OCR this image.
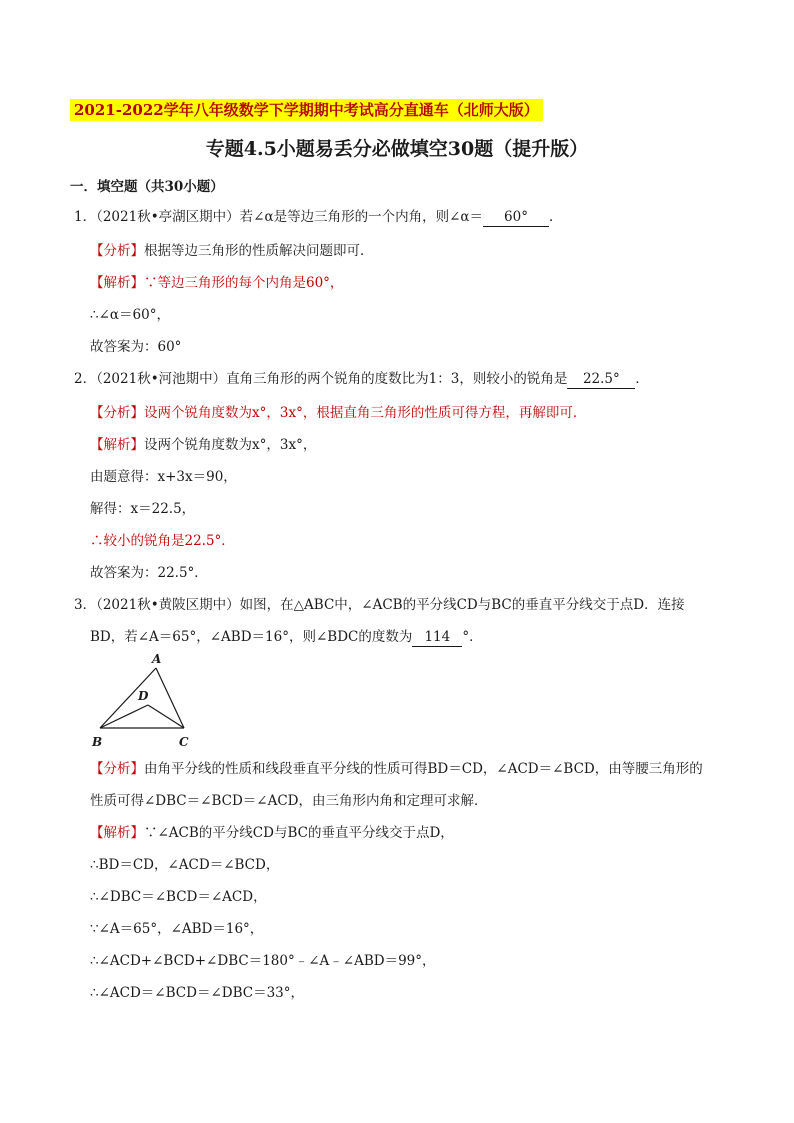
2021-2022学年八年级数学下学期期中考试高分直通车（北师大版）
专题4.5小题易丢分必做填空30题（提升版）
一．填空题（共30小题）
1．（2021秋•亭湖区期中）若∠α是等边三角形的一个内角，则∠α＝ 60° ．
【分析】根据等边三角形的性质解决问题即可．
【解析】∵等边三角形的每个内角是60°，
∴∠α＝60°，
故答案为：60°
2．（2021秋•河池期中）直角三角形的两个锐角的度数比为1：3，则较小的锐角是 22.5° ．
【分析】设两个锐角度数为x°，3x°，根据直角三角形的性质可得方程，再解即可．
【解析】设两个锐角度数为x°，3x°，
由题意得：x+3x＝90，
解得：x＝22.5，
∴较小的锐角是22.5°．
故答案为：22.5°．
3．（2021秋•黄陂区期中）如图，在△ABC中，∠ACB的平分线CD与BC的垂直平分线交于点D．连接
BD，若∠A＝65°，∠ABD＝16°，则∠BDC的度数为 114 °．
A
D
B	C
【分析】由角平分线的性质和线段垂直平分线的性质可得BD＝CD，∠ACD＝∠BCD，由等腰三角形的
性质可得∠DBC＝∠BCD＝∠ACD，由三角形内角和定理可求解．
【解析】∵∠ACB的平分线CD与BC的垂直平分线交于点D，
∴BD＝CD，∠ACD＝∠BCD，
∴∠DBC＝∠BCD＝∠ACD，
∵∠A＝65°，∠ABD＝16°，
∴∠ACD+∠BCD+∠DBC＝180°﹣∠A﹣∠ABD＝99°，
∴∠ACD＝∠BCD＝∠DBC＝33°，
